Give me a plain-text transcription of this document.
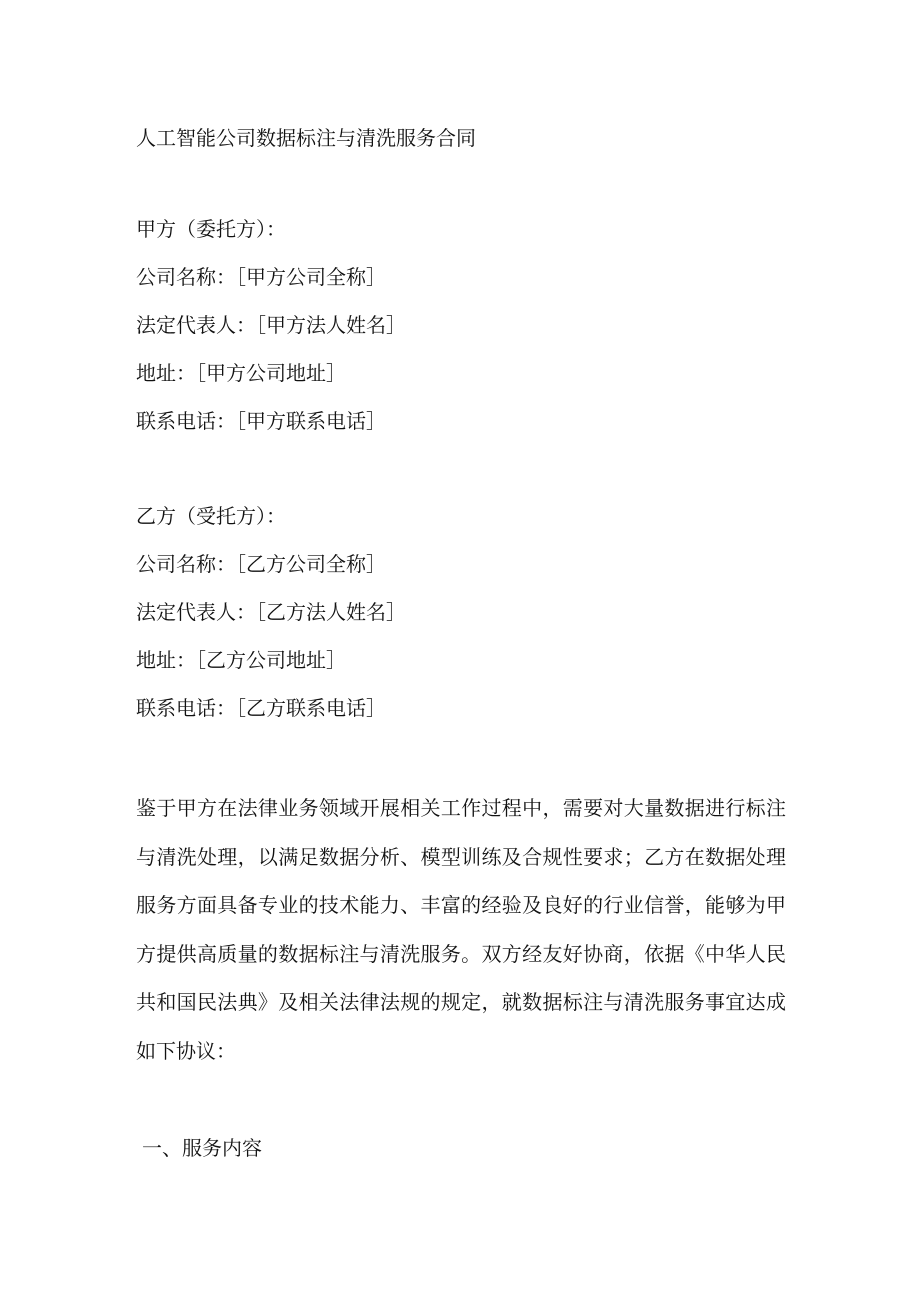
人工智能公司数据标注与清洗服务合同
甲方（委托方）：
公司名称：［甲方公司全称］
法定代表人：［甲方法人姓名］
地址：［甲方公司地址］
联系电话：［甲方联系电话］
乙方（受托方）：
公司名称：［乙方公司全称］
法定代表人：［乙方法人姓名］
地址：［乙方公司地址］
联系电话：［乙方联系电话］

鉴于甲方在法律业务领域开展相关工作过程中，需要对大量数据进行标注与清洗处理，以满足数据分析、模型训练及合规性要求；乙方在数据处理服务方面具备专业的技术能力、丰富的经验及良好的行业信誉，能够为甲方提供高质量的数据标注与清洗服务。双方经友好协商，依据《中华人民共和国民法典》及相关法律法规的规定，就数据标注与清洗服务事宜达成如下协议：

一、服务内容
